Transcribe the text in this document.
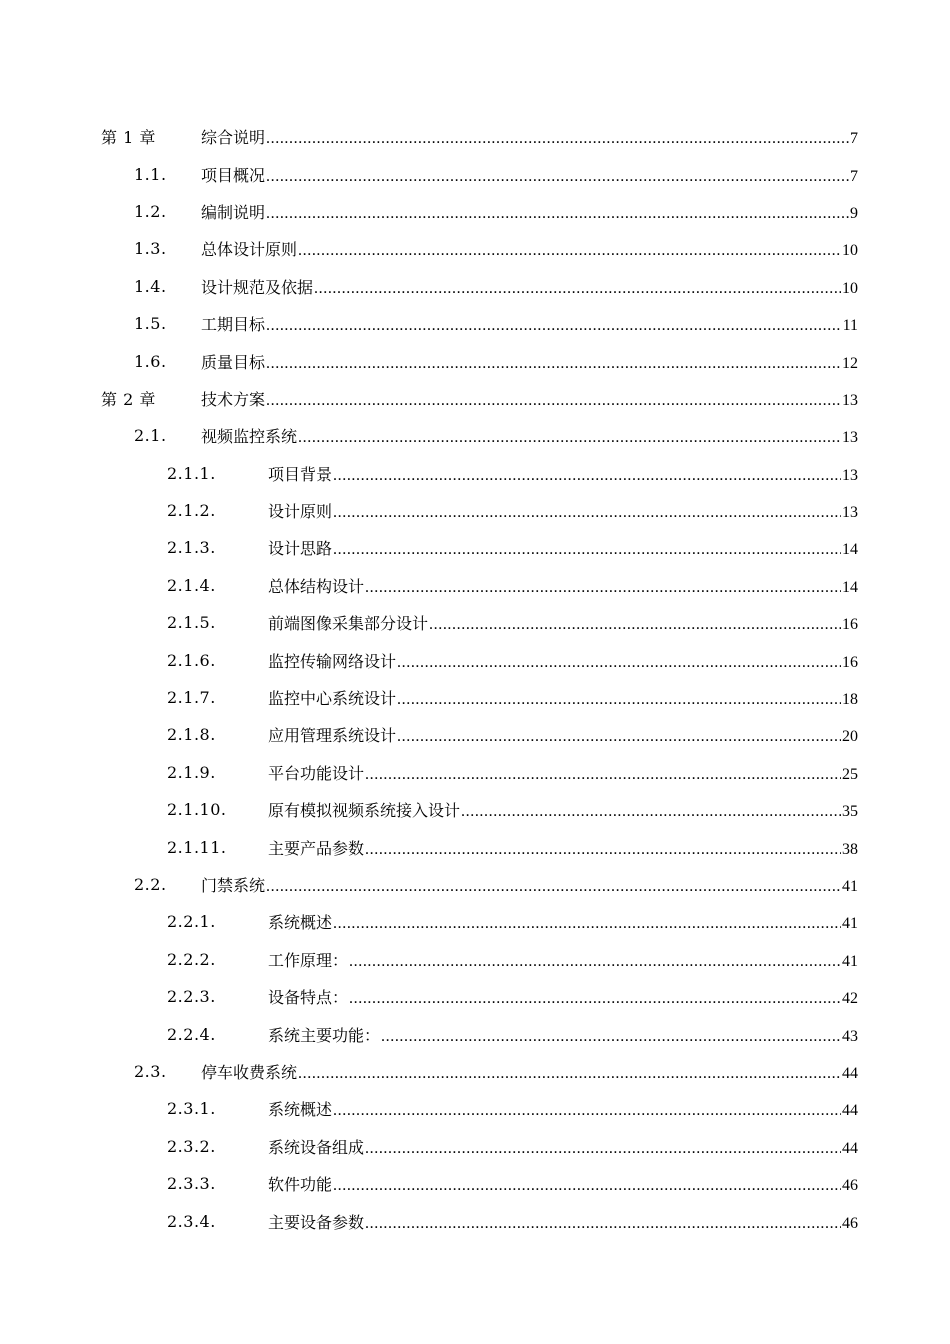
第 1 章	综合说明 .....	7
1.1. 项目概况 .....	7
1.2. 编制说明 .....	9
1.3. 总体设计原则 .....	10
1.4. 设计规范及依据 .....	10
1.5. 工期目标 .....	11
1.6. 质量目标 .....	12
第 2 章	技术方案 .....	13
2.1. 视频监控系统 .....	13
2.1.1.	项目背景 .....	13
2.1.2.	设计原则 .....	13
2.1.3.	设计思路 .....	14
2.1.4.	总体结构设计 .....	14
2.1.5.	前端图像采集部分设计 .....	16
2.1.6.	监控传输网络设计 .....	16
2.1.7.	监控中心系统设计 .....	18
2.1.8.	应用管理系统设计 .....	20
2.1.9.	平台功能设计 .....	25
2.1.10.	原有模拟视频系统接入设计 .....	35
2.1.11.	主要产品参数 .....	38
2.2. 门禁系统 .....	41
2.2.1.	系统概述 .....	41
2.2.2.	工作原理： .....	41
2.2.3.	设备特点： .....	42
2.2.4.	系统主要功能： .....	43
2.3. 停车收费系统 .....	44
2.3.1.	系统概述 .....	44
2.3.2.	系统设备组成 .....	44
2.3.3.	软件功能 .....	46
2.3.4.	主要设备参数 .....	46
